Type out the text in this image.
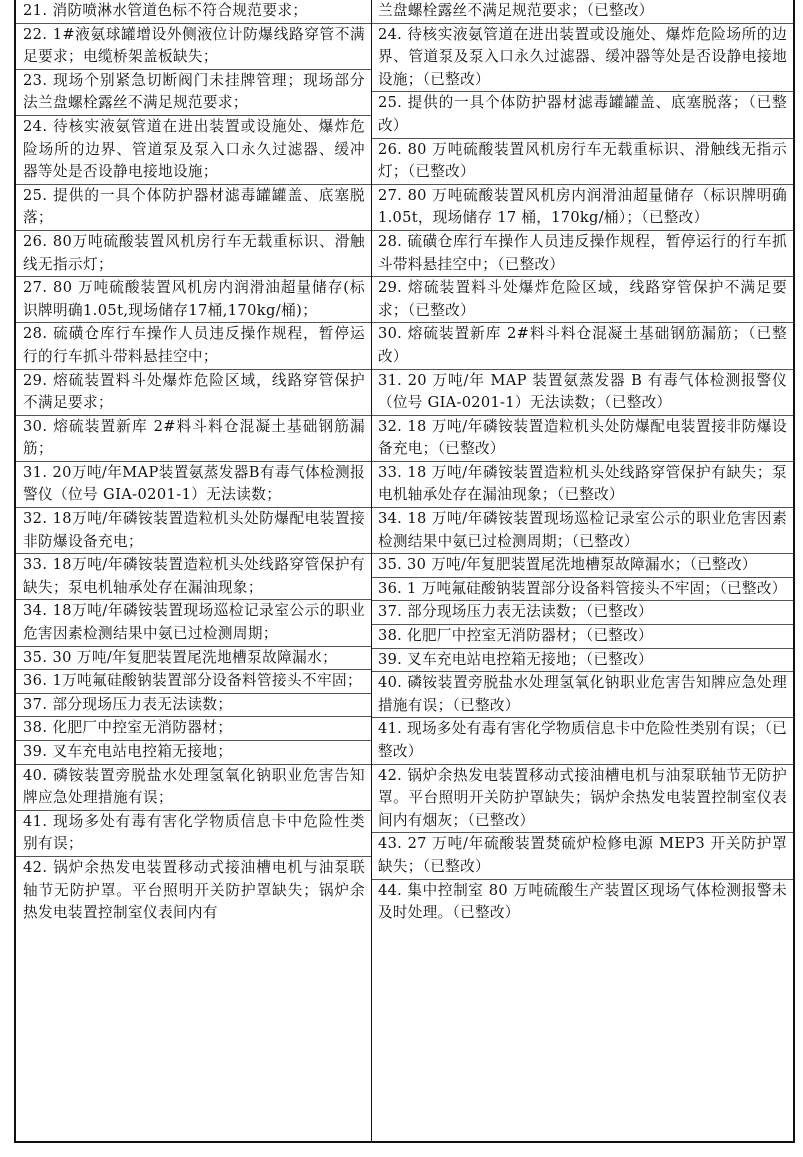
21. 消防喷淋水管道色标不符合规范要求；
22. 1#液氨球罐增设外侧液位计防爆线路穿管不满足要求；电缆桥架盖板缺失；
23. 现场个别紧急切断阀门未挂牌管理；现场部分法兰盘螺栓露丝不满足规范要求；
24. 待核实液氨管道在进出装置或设施处、爆炸危险场所的边界、管道泵及泵入口永久过滤器、缓冲器等处是否设静电接地设施；
25. 提供的一具个体防护器材滤毒罐罐盖、底塞脱落；
26. 80万吨硫酸装置风机房行车无载重标识、滑触线无指示灯；
27. 80 万吨硫酸装置风机房内润滑油超量储存(标识牌明确1.05t,现场储存17桶,170kg/桶)；
28. 硫磺仓库行车操作人员违反操作规程，暂停运行的行车抓斗带料悬挂空中；
29. 熔硫装置料斗处爆炸危险区域，线路穿管保护不满足要求；
30. 熔硫装置新库 2#料斗料仓混凝土基础钢筋漏筋；
31. 20万吨/年MAP装置氨蒸发器B有毒气体检测报警仪（位号 GIA-0201-1）无法读数；
32. 18万吨/年磷铵装置造粒机头处防爆配电装置接非防爆设备充电；
33. 18万吨/年磷铵装置造粒机头处线路穿管保护有缺失；泵电机轴承处存在漏油现象；
34. 18万吨/年磷铵装置现场巡检记录室公示的职业危害因素检测结果中氨已过检测周期；
35. 30 万吨/年复肥装置尾洗地槽泵故障漏水；
36. 1万吨氟硅酸钠装置部分设备料管接头不牢固；
37. 部分现场压力表无法读数；
38. 化肥厂中控室无消防器材；
39. 叉车充电站电控箱无接地；
40. 磷铵装置旁脱盐水处理氢氧化钠职业危害告知牌应急处理措施有误；
41. 现场多处有毒有害化学物质信息卡中危险性类别有误；
42. 锅炉余热发电装置移动式接油槽电机与油泵联轴节无防护罩。平台照明开关防护罩缺失；锅炉余热发电装置控制室仪表间内有
兰盘螺栓露丝不满足规范要求；（已整改）
24. 待核实液氨管道在进出装置或设施处、爆炸危险场所的边界、管道泵及泵入口永久过滤器、缓冲器等处是否设静电接地设施；（已整改）
25. 提供的一具个体防护器材滤毒罐罐盖、底塞脱落；（已整改）
26. 80 万吨硫酸装置风机房行车无载重标识、滑触线无指示灯；（已整改）
27. 80 万吨硫酸装置风机房内润滑油超量储存（标识牌明确 1.05t，现场储存 17 桶，170kg/桶）；（已整改）
28. 硫磺仓库行车操作人员违反操作规程，暂停运行的行车抓斗带料悬挂空中；（已整改）
29. 熔硫装置料斗处爆炸危险区域，线路穿管保护不满足要求；（已整改）
30. 熔硫装置新库 2#料斗料仓混凝土基础钢筋漏筋；（已整改）
31. 20 万吨/年 MAP 装置氨蒸发器 B 有毒气体检测报警仪（位号 GIA-0201-1）无法读数；（已整改）
32. 18 万吨/年磷铵装置造粒机头处防爆配电装置接非防爆设备充电；（已整改）
33. 18 万吨/年磷铵装置造粒机头处线路穿管保护有缺失；泵电机轴承处存在漏油现象；（已整改）
34. 18 万吨/年磷铵装置现场巡检记录室公示的职业危害因素检测结果中氨已过检测周期；（已整改）
35. 30 万吨/年复肥装置尾洗地槽泵故障漏水；（已整改）
36. 1 万吨氟硅酸钠装置部分设备料管接头不牢固；（已整改）
37. 部分现场压力表无法读数；（已整改）
38. 化肥厂中控室无消防器材；（已整改）
39. 叉车充电站电控箱无接地；（已整改）
40. 磷铵装置旁脱盐水处理氢氧化钠职业危害告知牌应急处理措施有误；（已整改）
41. 现场多处有毒有害化学物质信息卡中危险性类别有误；（已整改）
42. 锅炉余热发电装置移动式接油槽电机与油泵联轴节无防护罩。平台照明开关防护罩缺失；锅炉余热发电装置控制室仪表间内有烟灰；（已整改）
43. 27 万吨/年硫酸装置焚硫炉检修电源 MEP3 开关防护罩缺失；（已整改）
44. 集中控制室 80 万吨硫酸生产装置区现场气体检测报警未及时处理。（已整改）
